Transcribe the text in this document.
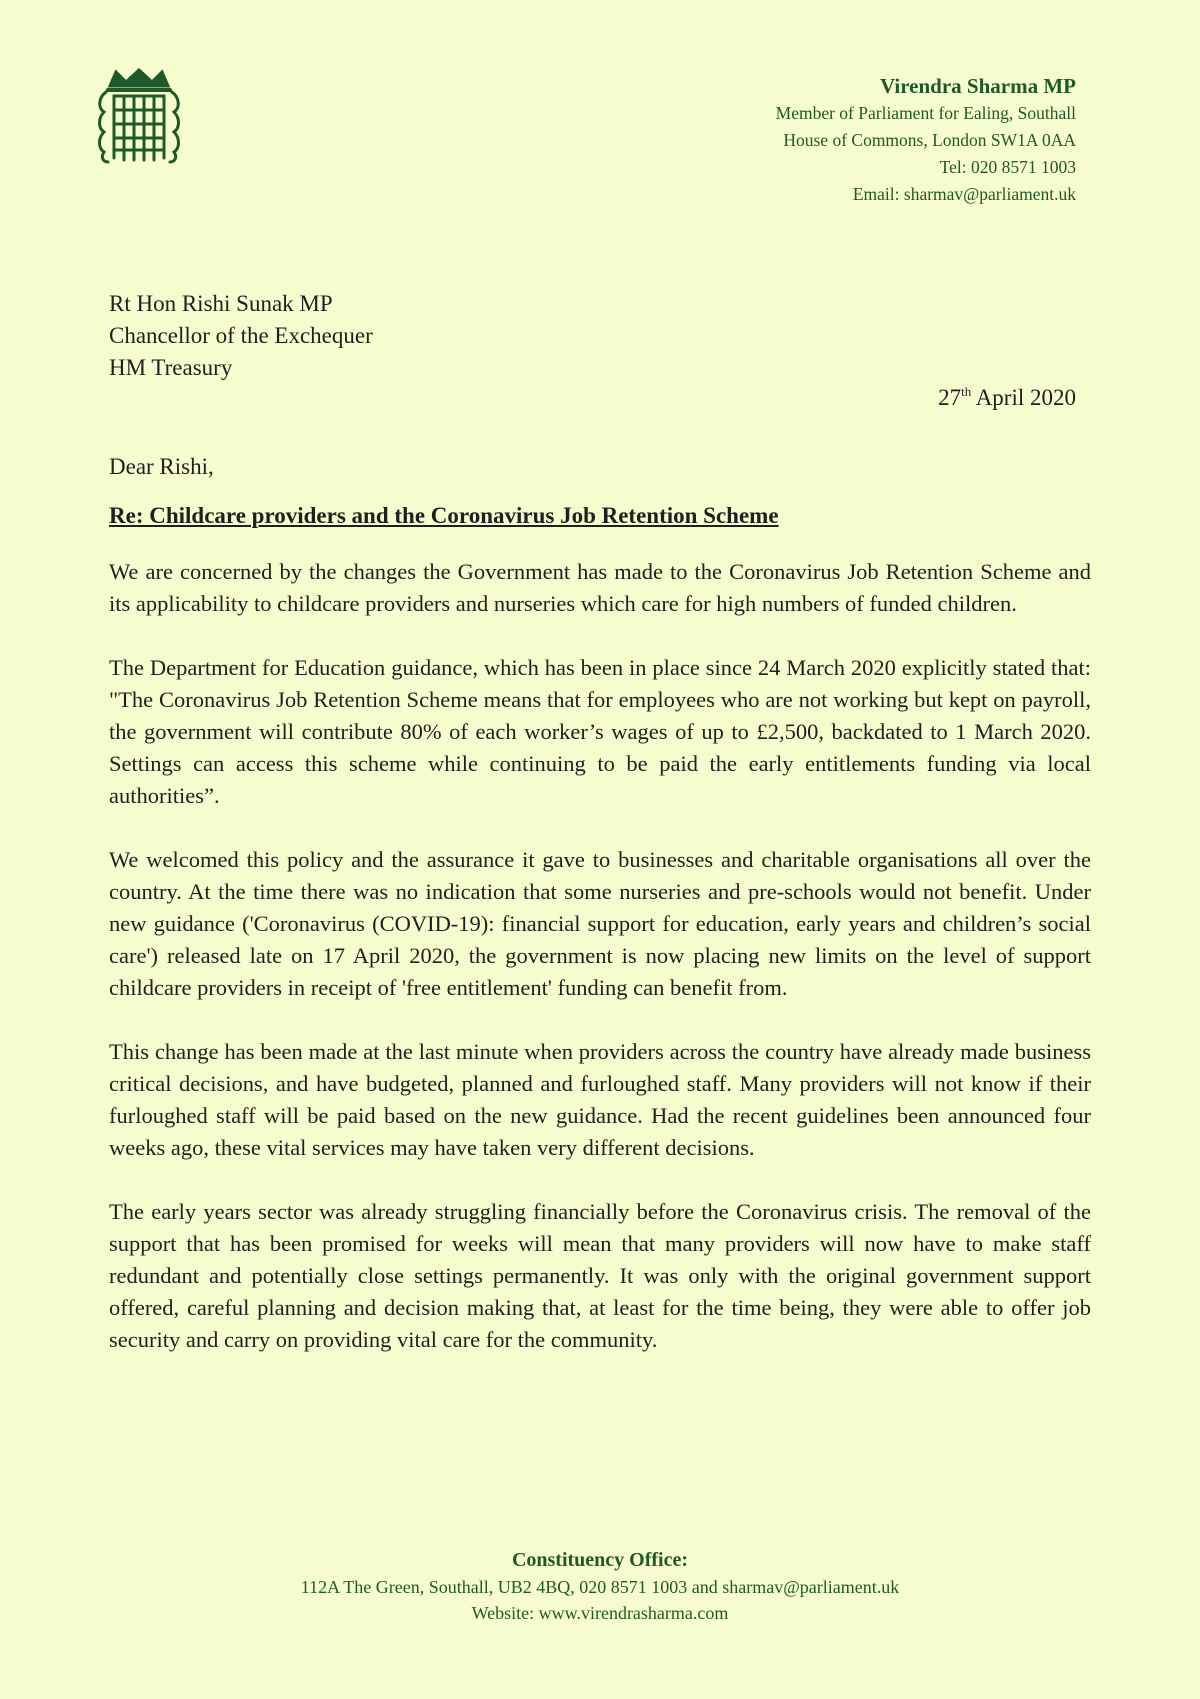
Virendra Sharma MP
Member of Parliament for Ealing, Southall
House of Commons, London SW1A 0AA
Tel: 020 8571 1003
Email: sharmav@parliament.uk
Rt Hon Rishi Sunak MP
Chancellor of the Exchequer
HM Treasury
27th April 2020
Dear Rishi,
Re: Childcare providers and the Coronavirus Job Retention Scheme

We are concerned by the changes the Government has made to the Coronavirus Job Retention Scheme and its applicability to childcare providers and nurseries which care for high numbers of funded children.

The Department for Education guidance, which has been in place since 24 March 2020 explicitly stated that: "The Coronavirus Job Retention Scheme means that for employees who are not working but kept on payroll, the government will contribute 80% of each worker’s wages of up to £2,500, backdated to 1 March 2020. Settings can access this scheme while continuing to be paid the early entitlements funding via local authorities”.

We welcomed this policy and the assurance it gave to businesses and charitable organisations all over the country. At the time there was no indication that some nurseries and pre-schools would not benefit. Under new guidance ('Coronavirus (COVID-19): financial support for education, early years and children’s social care') released late on 17 April 2020, the government is now placing new limits on the level of support childcare providers in receipt of 'free entitlement' funding can benefit from.

This change has been made at the last minute when providers across the country have already made business critical decisions, and have budgeted, planned and furloughed staff. Many providers will not know if their furloughed staff will be paid based on the new guidance. Had the recent guidelines been announced four weeks ago, these vital services may have taken very different decisions.

The early years sector was already struggling financially before the Coronavirus crisis. The removal of the support that has been promised for weeks will mean that many providers will now have to make staff redundant and potentially close settings permanently. It was only with the original government support offered, careful planning and decision making that, at least for the time being, they were able to offer job security and carry on providing vital care for the community.

Constituency Office:
112A The Green, Southall, UB2 4BQ, 020 8571 1003 and sharmav@parliament.uk
Website: www.virendrasharma.com
